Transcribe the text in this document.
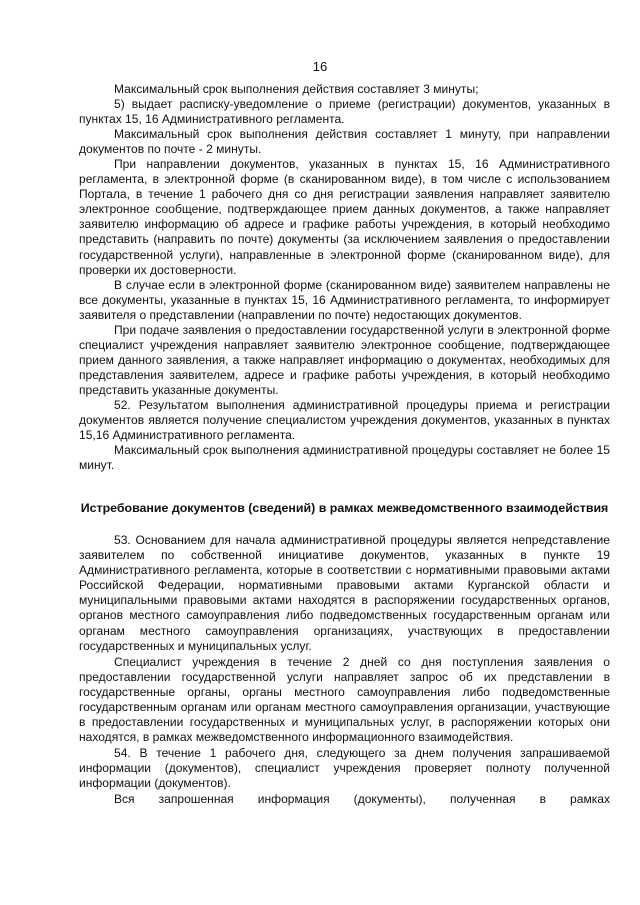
16

Максимальный срок выполнения действия составляет 3 минуты;

5) выдает расписку-уведомление о приеме (регистрации) документов, указанных в пунктах 15, 16 Административного регламента.

Максимальный срок выполнения действия составляет 1 минуту, при направлении документов по почте - 2 минуты.

При направлении документов, указанных в пунктах 15, 16 Административного регламента, в электронной форме (в сканированном виде), в том числе с использованием Портала, в течение 1 рабочего дня со дня регистрации заявления направляет заявителю электронное сообщение, подтверждающее прием данных документов, а также направляет заявителю информацию об адресе и графике работы учреждения, в который необходимо представить (направить по почте) документы (за исключением заявления о предоставлении государственной услуги), направленные в электронной форме (сканированном виде), для проверки их достоверности.

В случае если в электронной форме (сканированном виде) заявителем направлены не все документы, указанные в пунктах 15, 16 Административного регламента, то информирует заявителя о представлении (направлении по почте) недостающих документов.

При подаче заявления о предоставлении государственной услуги в электронной форме специалист учреждения направляет заявителю электронное сообщение, подтверждающее прием данного заявления, а также направляет информацию о документах, необходимых для представления заявителем, адресе и графике работы учреждения, в который необходимо представить указанные документы.

52. Результатом выполнения административной процедуры приема и регистрации документов является получение специалистом учреждения документов, указанных в пунктах 15,16 Административного регламента.

Максимальный срок выполнения административной процедуры составляет не более 15 минут.

Истребование документов (сведений) в рамках межведомственного взаимодействия

53. Основанием для начала административной процедуры является непредставление заявителем по собственной инициативе документов, указанных в пункте 19 Административного регламента, которые в соответствии с нормативными правовыми актами Российской Федерации, нормативными правовыми актами Курганской области и муниципальными правовыми актами находятся в распоряжении государственных органов, органов местного самоуправления либо подведомственных государственным органам или органам местного самоуправления организациях, участвующих в предоставлении государственных и муниципальных услуг.

Специалист учреждения в течение 2 дней со дня поступления заявления о предоставлении государственной услуги направляет запрос об их представлении в государственные органы, органы местного самоуправления либо подведомственные государственным органам или органам местного самоуправления организации, участвующие в предоставлении государственных и муниципальных услуг, в распоряжении которых они находятся, в рамках межведомственного информационного взаимодействия.

54. В течение 1 рабочего дня, следующего за днем получения запрашиваемой информации (документов), специалист учреждения проверяет полноту полученной информации (документов).

Вся запрошенная информация (документы), полученная в рамках
